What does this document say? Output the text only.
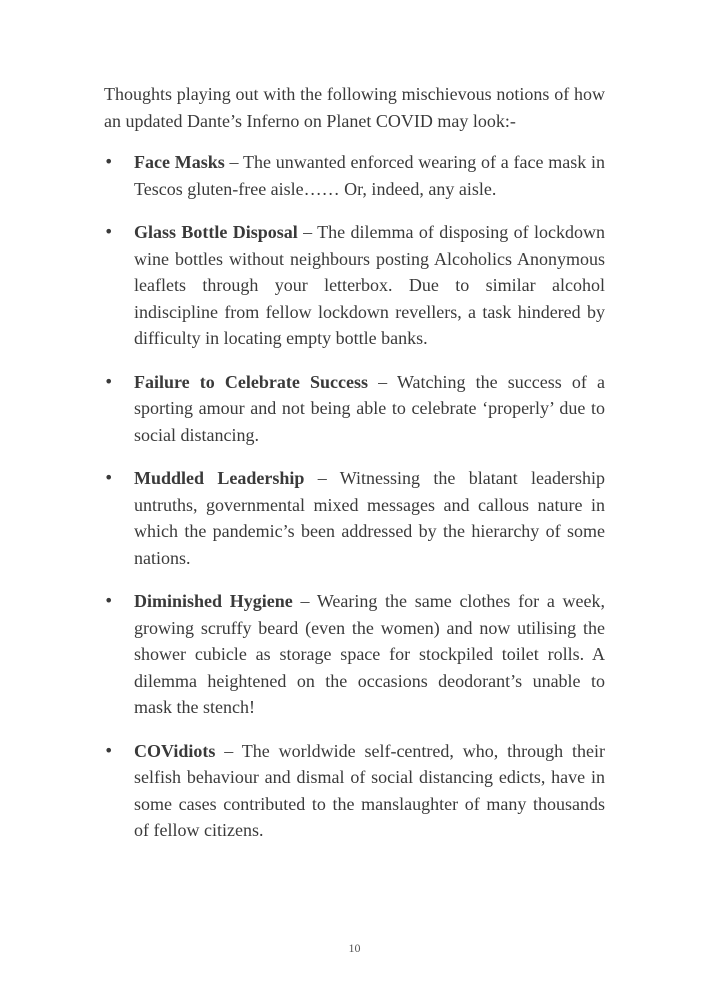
Thoughts playing out with the following mischievous notions of how an updated Dante’s Inferno on Planet COVID may look:-

• Face Masks – The unwanted enforced wearing of a face mask in Tescos gluten-free aisle…… Or, indeed, any aisle.
• Glass Bottle Disposal – The dilemma of disposing of lockdown wine bottles without neighbours posting Alcoholics Anonymous leaflets through your letterbox. Due to similar alcohol indiscipline from fellow lockdown revellers, a task hindered by difficulty in locating empty bottle banks.
• Failure to Celebrate Success – Watching the success of a sporting amour and not being able to celebrate ‘properly’ due to social distancing.
• Muddled Leadership – Witnessing the blatant leadership untruths, governmental mixed messages and callous nature in which the pandemic’s been addressed by the hierarchy of some nations.
• Diminished Hygiene – Wearing the same clothes for a week, growing scruffy beard (even the women) and now utilising the shower cubicle as storage space for stockpiled toilet rolls. A dilemma heightened on the occasions deodorant’s unable to mask the stench!
• COVidiots – The worldwide self-centred, who, through their selfish behaviour and dismal of social distancing edicts, have in some cases contributed to the manslaughter of many thousands of fellow citizens.
10
